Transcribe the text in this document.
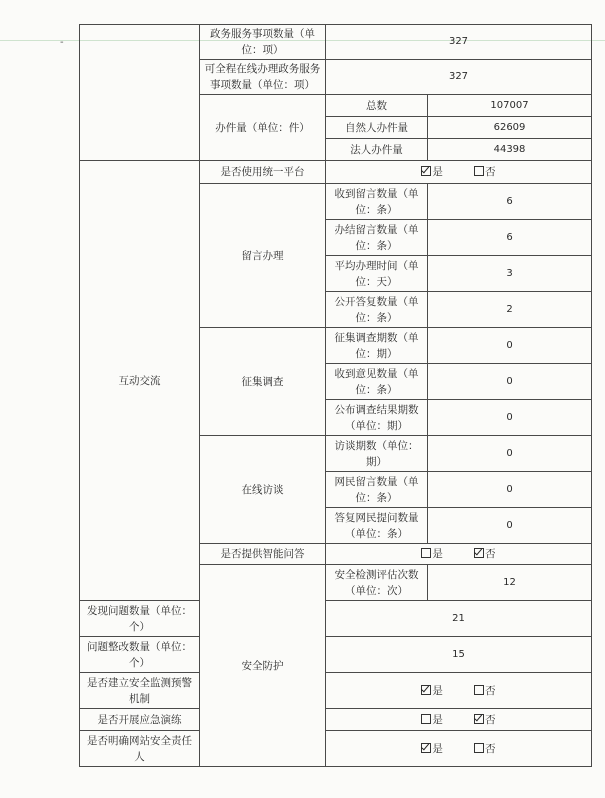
-
	政务服务事项数量（单位：项）	327	
	可全程在线办理政务服务事项数量（单位：项）	327	
	办件量（单位：件）	总数	107007
		自然人办件量	62609
		法人办件量	44398
互动交流	是否使用统一平台	是 否	
	留言办理	收到留言数量（单位：条）	6
		办结留言数量（单位：条）	6
		平均办理时间（单位：天）	3
		公开答复数量（单位：条）	2
	征集调查	征集调查期数（单位：期）	0
		收到意见数量（单位：条）	0
		公布调查结果期数（单位：期）	0
	在线访谈	访谈期数（单位：期）	0
		网民留言数量（单位：条）	0
		答复网民提问数量（单位：条）	0
	是否提供智能问答	是 否	
	安全防护	安全检测评估次数（单位：次）	12
发现问题数量（单位：个）		21	
问题整改数量（单位：个）		15	
是否建立安全监测预警机制		是 否	
是否开展应急演练		是 否	
是否明确网站安全责任人		是 否	
